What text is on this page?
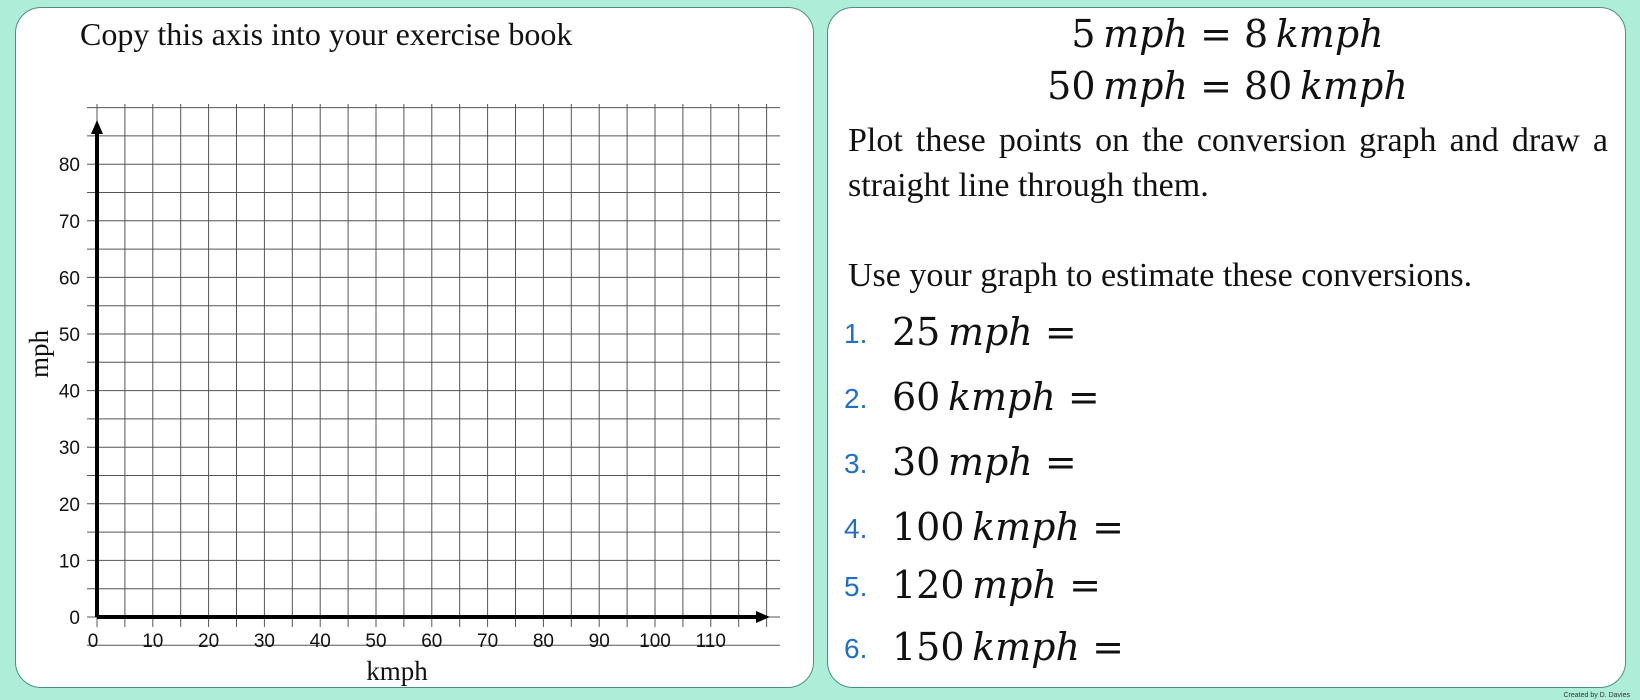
Copy this axis into your exercise book

0 10 20 30 40 50 60 70 80 90 100 110
0
10
20
30
40
50
60
70
80
kmph
mph
5  mph = 8  kmph
50  mph = 80  kmph

Plot these points on the conversion graph and draw a straight line through them.

Use your graph to estimate these conversions.

1. 25  mph =
2. 60  kmph =
3. 30  mph =
4. 100  kmph =
5. 120  mph =
6. 150  kmph =
Created by D. Davies
